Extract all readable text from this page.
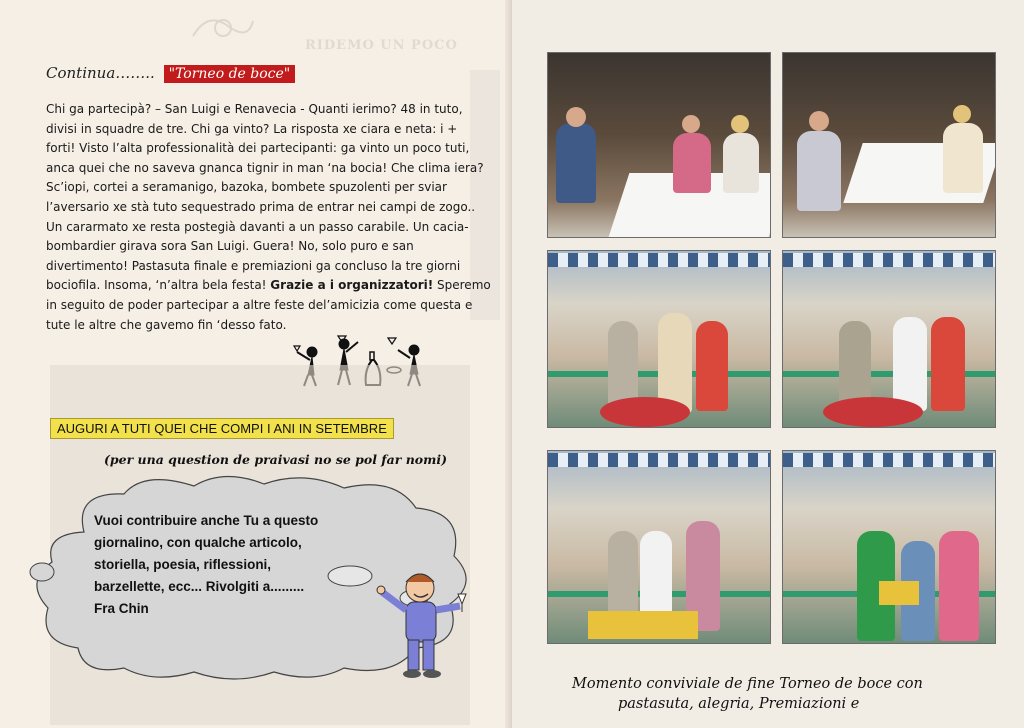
RIDEMO UN POCO
Continua…….. "Torneo de boce"
Chi ga partecipà? – San Luigi e Renavecia - Quanti ierimo? 48 in tuto,
divisi in squadre de tre. Chi ga vinto? La risposta xe ciara e neta: i +
forti! Visto l’alta professionalità dei partecipanti: ga vinto un poco tuti,
anca quei che no saveva gnanca tignir in man ‘na bocia! Che clima iera?
Sc’iopi, cortei a seramanigo, bazoka, bombete spuzolenti per sviar
l’aversario xe stà tuto sequestrado prima de entrar nei campi de zogo..
Un cararmato xe resta postegià davanti a un passo carabile. Un cacia-
bombardier girava sora San Luigi. Guera! No, solo puro e san
divertimento! Pastasuta finale e premiazioni ga concluso la tre giorni
bociofila. Insoma, ‘n’altra bela festa! Grazie a i organizzatori! Speremo
in seguito de poder partecipar a altre feste del’amicizia come questa e
tute le altre che gavemo fin ‘desso fato.
AUGURI A TUTI QUEI CHE COMPI I ANI IN SETEMBRE
(per una question de praivasi no se pol far nomi)
Vuoi contribuire anche Tu a questo
giornalino, con qualche articolo,
storiella, poesia, riflessioni,
barzellette, ecc... Rivolgiti a.........
Fra Chin
Momento conviviale de fine Torneo de boce con
pastasuta, alegria, Premiazioni e
